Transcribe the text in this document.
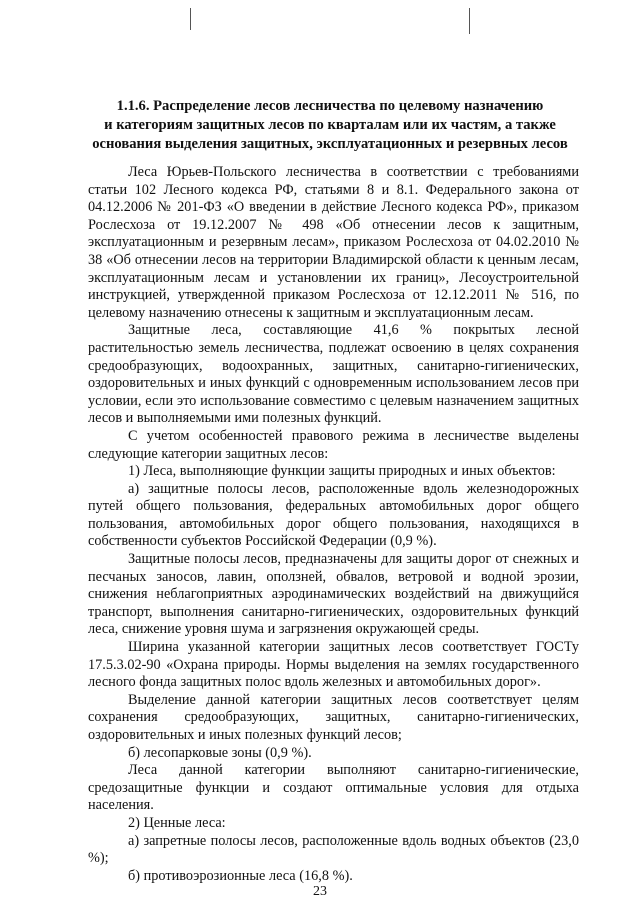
1.1.6. Распределение лесов лесничества по целевому назначению
и категориям защитных лесов по кварталам или их частям, а также
основания выделения защитных, эксплуатационных и резервных лесов

Леса Юрьев-Польского лесничества в соответствии с требованиями статьи 102 Лесного кодекса РФ, статьями 8 и 8.1. Федерального закона от 04.12.2006 № 201-ФЗ «О введении в действие Лесного кодекса РФ», приказом Рослесхоза от 19.12.2007 № 498 «Об отнесении лесов к защитным, эксплуатационным и резервным лесам», приказом Рослесхоза от 04.02.2010 № 38 «Об отнесении лесов на территории Владимирской области к ценным лесам, эксплуатационным лесам и установлении их границ», Лесоустроительной инструкцией, утвержденной приказом Рослесхоза от 12.12.2011 № 516, по целевому назначению отнесены к защитным и эксплуатационным лесам.

Защитные леса, составляющие 41,6 % покрытых лесной растительностью земель лесничества, подлежат освоению в целях сохранения средообразующих, водоохранных, защитных, санитарно-гигиенических, оздоровительных и иных функций с одновременным использованием лесов при условии, если это использование совместимо с целевым назначением защитных лесов и выполняемыми ими полезных функций.

С учетом особенностей правового режима в лесничестве выделены следующие категории защитных лесов:

1) Леса, выполняющие функции защиты природных и иных объектов:

а) защитные полосы лесов, расположенные вдоль железнодорожных путей общего пользования, федеральных автомобильных дорог общего пользования, автомобильных дорог общего пользования, находящихся в собственности субъектов Российской Федерации (0,9 %).

Защитные полосы лесов, предназначены для защиты дорог от снежных и песчаных заносов, лавин, оползней, обвалов, ветровой и водной эрозии, снижения неблагоприятных аэродинамических воздействий на движущийся транспорт, выполнения санитарно-гигиенических, оздоровительных функций леса, снижение уровня шума и загрязнения окружающей среды.

Ширина указанной категории защитных лесов соответствует ГОСТу 17.5.3.02-90 «Охрана природы. Нормы выделения на землях государственного лесного фонда защитных полос вдоль железных и автомобильных дорог».

Выделение данной категории защитных лесов соответствует целям сохранения средообразующих, защитных, санитарно-гигиенических, оздоровительных и иных полезных функций лесов;

б) лесопарковые зоны (0,9 %).

Леса данной категории выполняют санитарно-гигиенические, средозащитные функции и создают оптимальные условия для отдыха населения.

2) Ценные леса:

а) запретные полосы лесов, расположенные вдоль водных объектов (23,0 %);

б) противоэрозионные леса (16,8 %).

23
